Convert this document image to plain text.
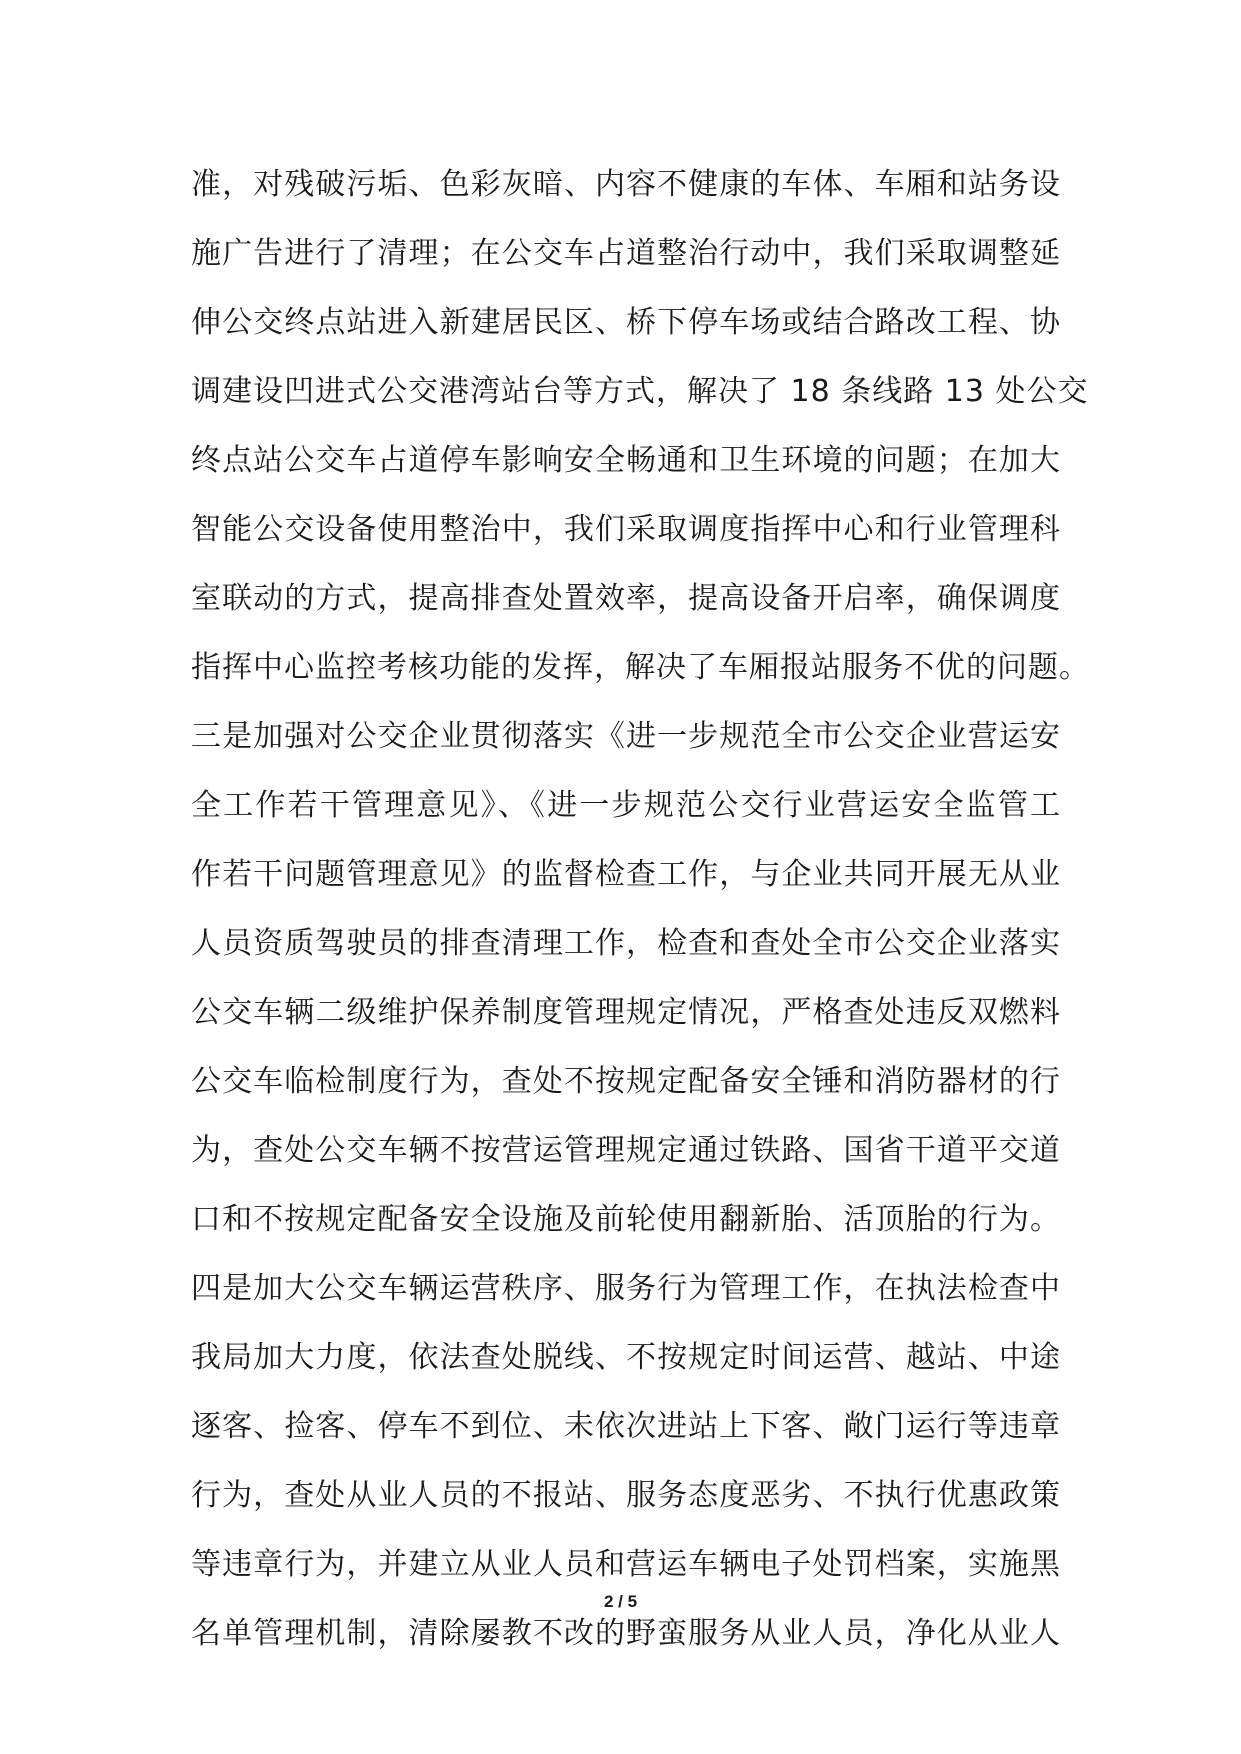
准，对残破污垢、色彩灰暗、内容不健康的车体、车厢和站务设
施广告进行了清理；在公交车占道整治行动中，我们采取调整延
伸公交终点站进入新建居民区、桥下停车场或结合路改工程、协
调建设凹进式公交港湾站台等方式，解决了 18 条线路 13 处公交
终点站公交车占道停车影响安全畅通和卫生环境的问题；在加大
智能公交设备使用整治中，我们采取调度指挥中心和行业管理科
室联动的方式，提高排查处置效率，提高设备开启率，确保调度
指挥中心监控考核功能的发挥，解决了车厢报站服务不优的问题。
三是加强对公交企业贯彻落实《进一步规范全市公交企业营运安
全工作若干管理意见》、《进一步规范公交行业营运安全监管工
作若干问题管理意见》的监督检查工作，与企业共同开展无从业
人员资质驾驶员的排查清理工作，检查和查处全市公交企业落实
公交车辆二级维护保养制度管理规定情况，严格查处违反双燃料
公交车临检制度行为，查处不按规定配备安全锤和消防器材的行
为，查处公交车辆不按营运管理规定通过铁路、国省干道平交道
口和不按规定配备安全设施及前轮使用翻新胎、活顶胎的行为。
四是加大公交车辆运营秩序、服务行为管理工作，在执法检查中
我局加大力度，依法查处脱线、不按规定时间运营、越站、中途
逐客、捡客、停车不到位、未依次进站上下客、敞门运行等违章
行为，查处从业人员的不报站、服务态度恶劣、不执行优惠政策
等违章行为，并建立从业人员和营运车辆电子处罚档案，实施黑
名单管理机制，清除屡教不改的野蛮服务从业人员，净化从业人
2 / 5
